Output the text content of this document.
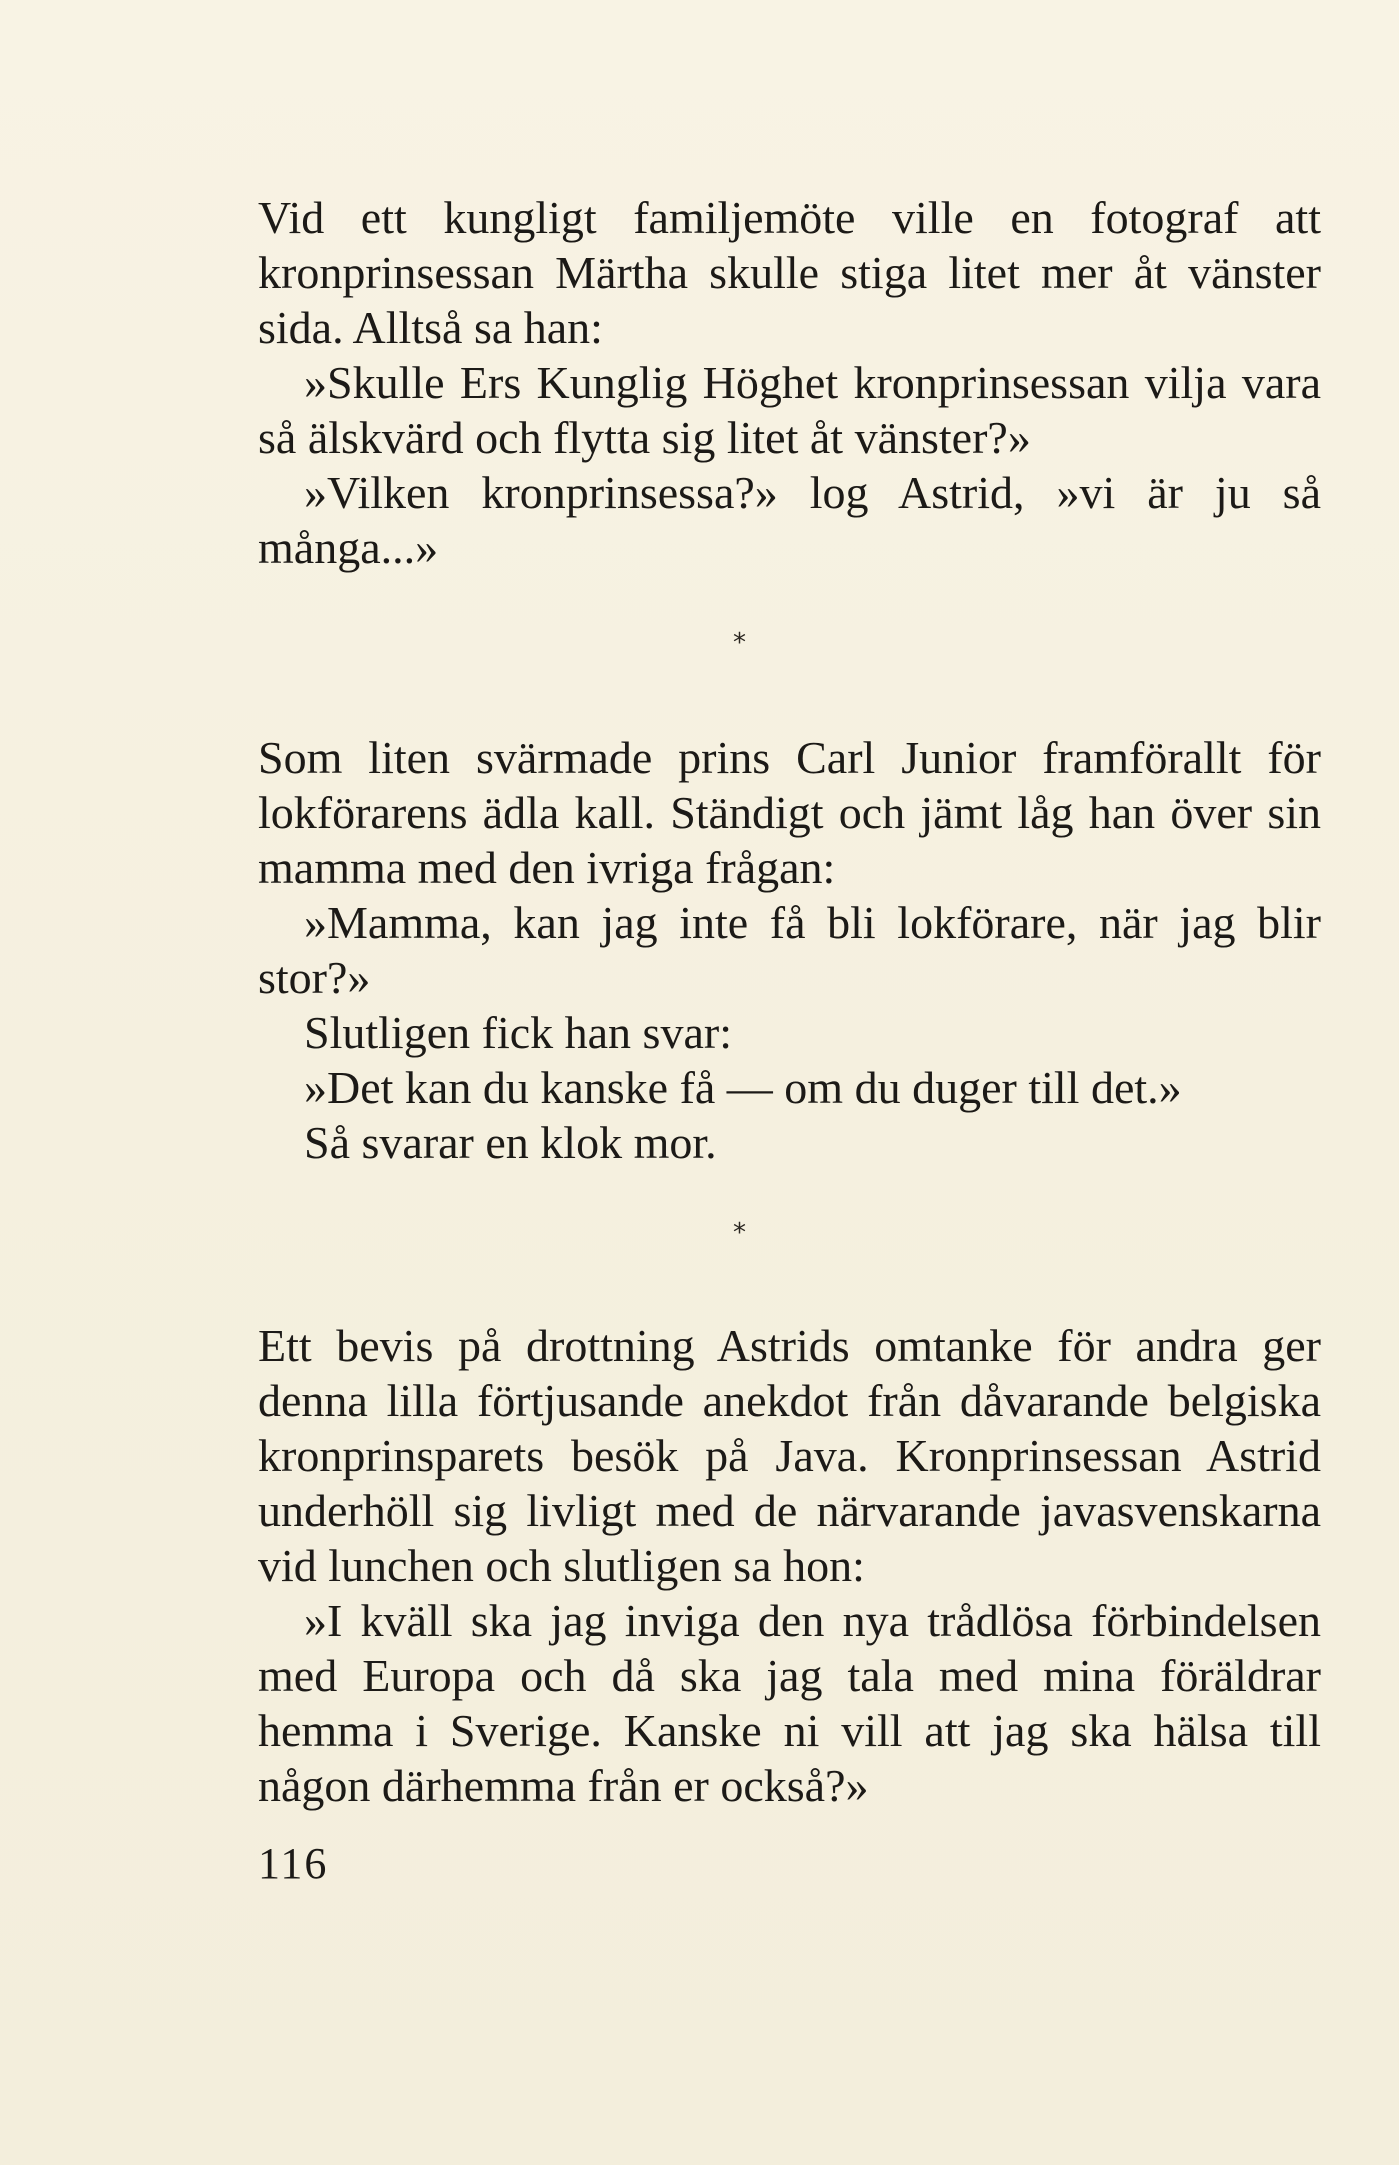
Vid ett kungligt familjemöte ville en fotograf att kronprinsessan Märtha skulle stiga litet mer åt vänster sida. Alltså sa han:

»Skulle Ers Kunglig Höghet kronprinsessan vilja vara så älskvärd och flytta sig litet åt vänster?»

»Vilken kronprinsessa?» log Astrid, »vi är ju så många...»

*

Som liten svärmade prins Carl Junior framförallt för lokförarens ädla kall. Ständigt och jämt låg han över sin mamma med den ivriga frågan:

»Mamma, kan jag inte få bli lokförare, när jag blir stor?»

Slutligen fick han svar:

»Det kan du kanske få — om du duger till det.»

Så svarar en klok mor.

*

Ett bevis på drottning Astrids omtanke för andra ger denna lilla förtjusande anekdot från dåvarande belgiska kronprinsparets besök på Java. Kronprinsessan Astrid underhöll sig livligt med de närvarande javasvenskarna vid lunchen och slutligen sa hon:

»I kväll ska jag inviga den nya trådlösa förbindelsen med Europa och då ska jag tala med mina föräldrar hemma i Sverige. Kanske ni vill att jag ska hälsa till någon därhemma från er också?»

116
